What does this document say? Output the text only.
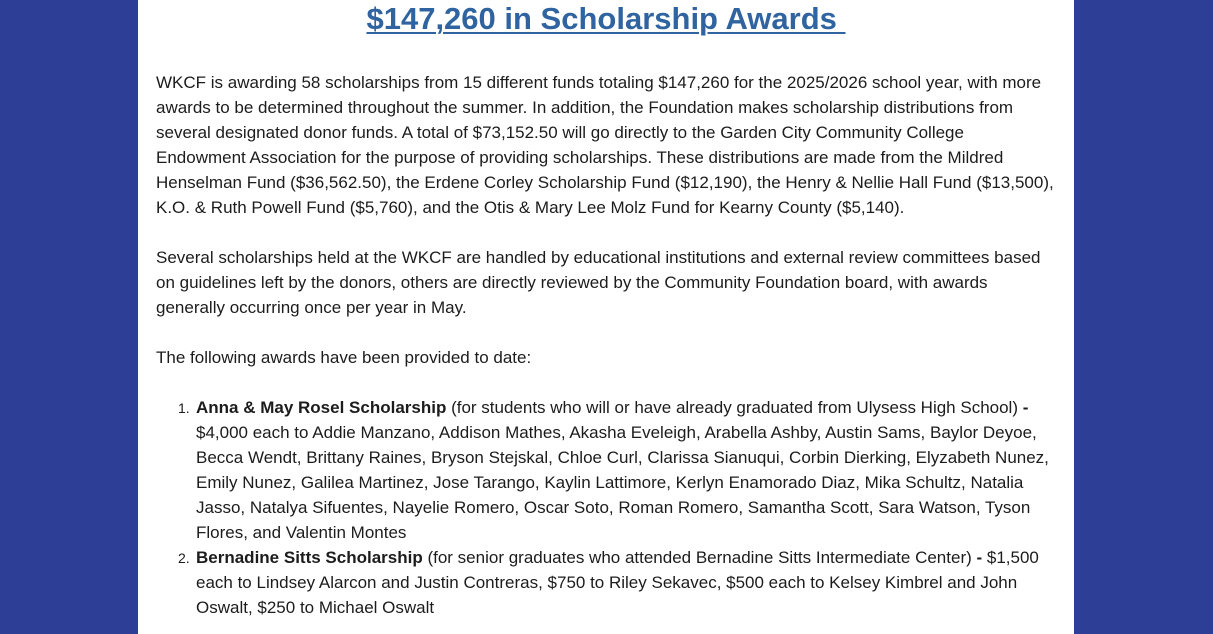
$147,260 in Scholarship Awards

WKCF is awarding 58 scholarships from 15 different funds totaling $147,260 for the 2025/2026 school year, with more awards to be determined throughout the summer. In addition, the Foundation makes scholarship distributions from several designated donor funds. A total of $73,152.50 will go directly to the Garden City Community College Endowment Association for the purpose of providing scholarships. These distributions are made from the Mildred Henselman Fund ($36,562.50), the Erdene Corley Scholarship Fund ($12,190), the Henry & Nellie Hall Fund ($13,500), K.O. & Ruth Powell Fund ($5,760), and the Otis & Mary Lee Molz Fund for Kearny County ($5,140).

Several scholarships held at the WKCF are handled by educational institutions and external review committees based on guidelines left by the donors, others are directly reviewed by the Community Foundation board, with awards generally occurring once per year in May.

The following awards have been provided to date:

1. Anna & May Rosel Scholarship (for students who will or have already graduated from Ulysess High School) - $4,000 each to Addie Manzano, Addison Mathes, Akasha Eveleigh, Arabella Ashby, Austin Sams, Baylor Deyoe, Becca Wendt, Brittany Raines, Bryson Stejskal, Chloe Curl, Clarissa Sianuqui, Corbin Dierking, Elyzabeth Nunez, Emily Nunez, Galilea Martinez, Jose Tarango, Kaylin Lattimore, Kerlyn Enamorado Diaz, Mika Schultz, Natalia Jasso, Natalya Sifuentes, Nayelie Romero, Oscar Soto, Roman Romero, Samantha Scott, Sara Watson, Tyson Flores, and Valentin Montes
2. Bernadine Sitts Scholarship (for senior graduates who attended Bernadine Sitts Intermediate Center) - $1,500 each to Lindsey Alarcon and Justin Contreras, $750 to Riley Sekavec, $500 each to Kelsey Kimbrel and John Oswalt, $250 to Michael Oswalt
